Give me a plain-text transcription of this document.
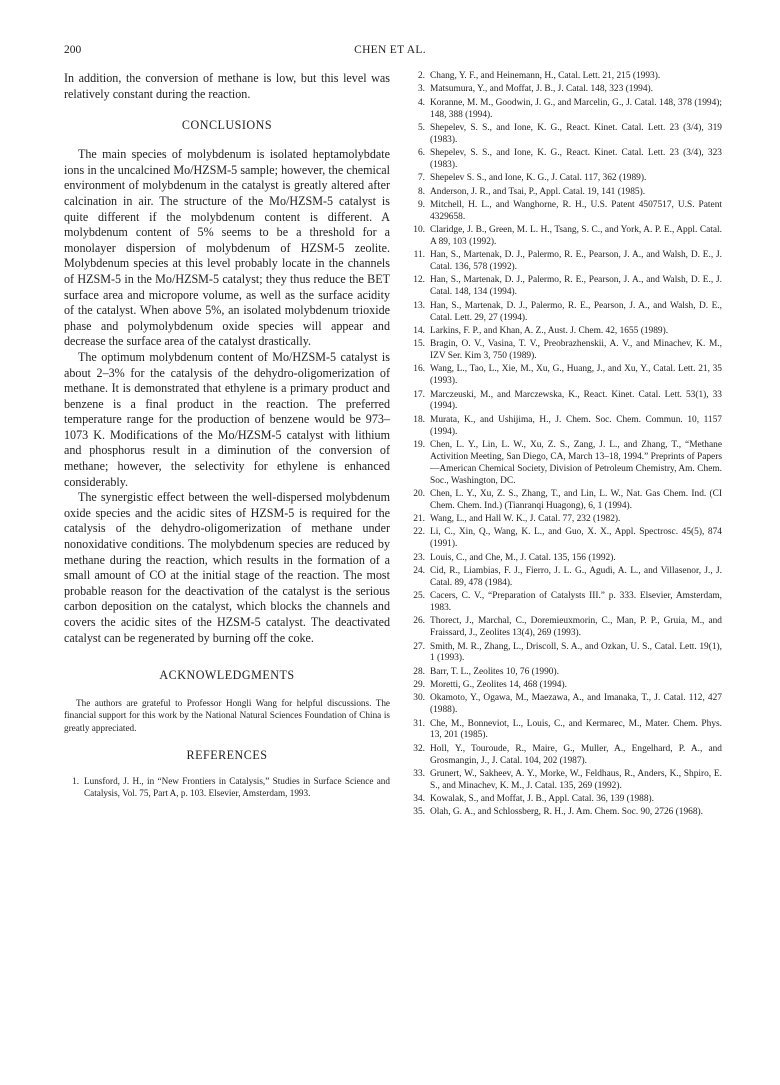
200	CHEN ET AL.

In addition, the conversion of methane is low, but this level was relatively constant during the reaction.

CONCLUSIONS

The main species of molybdenum is isolated heptamolybdate ions in the uncalcined Mo/HZSM-5 sample; however, the chemical environment of molybdenum in the catalyst is greatly altered after calcination in air. The structure of the Mo/HZSM-5 catalyst is quite different if the molybdenum content is different. A molybdenum content of 5% seems to be a threshold for a monolayer dispersion of molybdenum of HZSM-5 zeolite. Molybdenum species at this level probably locate in the channels of HZSM-5 in the Mo/HZSM-5 catalyst; they thus reduce the BET surface area and micropore volume, as well as the surface acidity of the catalyst. When above 5%, an isolated molybdenum trioxide phase and polymolybdenum oxide species will appear and decrease the surface area of the catalyst drastically.

The optimum molybdenum content of Mo/HZSM-5 catalyst is about 2–3% for the catalysis of the dehydro-oligomerization of methane. It is demonstrated that ethylene is a primary product and benzene is a final product in the reaction. The preferred temperature range for the production of benzene would be 973–1073 K. Modifications of the Mo/HZSM-5 catalyst with lithium and phosphorus result in a diminution of the conversion of methane; however, the selectivity for ethylene is enhanced considerably.

The synergistic effect between the well-dispersed molybdenum oxide species and the acidic sites of HZSM-5 is required for the catalysis of the dehydro-oligomerization of methane under nonoxidative conditions. The molybdenum species are reduced by methane during the reaction, which results in the formation of a small amount of CO at the initial stage of the reaction. The most probable reason for the deactivation of the catalyst is the serious carbon deposition on the catalyst, which blocks the channels and covers the acidic sites of the HZSM-5 catalyst. The deactivated catalyst can be regenerated by burning off the coke.

ACKNOWLEDGMENTS

The authors are grateful to Professor Hongli Wang for helpful discussions. The financial support for this work by the National Natural Sciences Foundation of China is greatly appreciated.

REFERENCES
1. Lunsford, J. H., in “New Frontiers in Catalysis,” Studies in Surface Science and Catalysis, Vol. 75, Part A, p. 103. Elsevier, Amsterdam, 1993.
2. Chang, Y. F., and Heinemann, H., Catal. Lett. 21, 215 (1993).
3. Matsumura, Y., and Moffat, J. B., J. Catal. 148, 323 (1994).
4. Koranne, M. M., Goodwin, J. G., and Marcelin, G., J. Catal. 148, 378 (1994); 148, 388 (1994).
5. Shepelev, S. S., and Ione, K. G., React. Kinet. Catal. Lett. 23 (3/4), 319 (1983).
6. Shepelev, S. S., and Ione, K. G., React. Kinet. Catal. Lett. 23 (3/4), 323 (1983).
7. Shepelev S. S., and Ione, K. G., J. Catal. 117, 362 (1989).
8. Anderson, J. R., and Tsai, P., Appl. Catal. 19, 141 (1985).
9. Mitchell, H. L., and Wanghorne, R. H., U.S. Patent 4507517, U.S. Patent 4329658.
10. Claridge, J. B., Green, M. L. H., Tsang, S. C., and York, A. P. E., Appl. Catal. A 89, 103 (1992).
11. Han, S., Martenak, D. J., Palermo, R. E., Pearson, J. A., and Walsh, D. E., J. Catal. 136, 578 (1992).
12. Han, S., Martenak, D. J., Palermo, R. E., Pearson, J. A., and Walsh, D. E., J. Catal. 148, 134 (1994).
13. Han, S., Martenak, D. J., Palermo, R. E., Pearson, J. A., and Walsh, D. E., Catal. Lett. 29, 27 (1994).
14. Larkins, F. P., and Khan, A. Z., Aust. J. Chem. 42, 1655 (1989).
15. Bragin, O. V., Vasina, T. V., Preobrazhenskii, A. V., and Minachev, K. M., IZV Ser. Kim 3, 750 (1989).
16. Wang, L., Tao, L., Xie, M., Xu, G., Huang, J., and Xu, Y., Catal. Lett. 21, 35 (1993).
17. Marczeuski, M., and Marczewska, K., React. Kinet. Catal. Lett. 53(1), 33 (1994).
18. Murata, K., and Ushijima, H., J. Chem. Soc. Chem. Commun. 10, 1157 (1994).
19. Chen, L. Y., Lin, L. W., Xu, Z. S., Zang, J. L., and Zhang, T., “Methane Activition Meeting, San Diego, CA, March 13–18, 1994.” Preprints of Papers—American Chemical Society, Division of Petroleum Chemistry, Am. Chem. Soc., Washington, DC.
20. Chen, L. Y., Xu, Z. S., Zhang, T., and Lin, L. W., Nat. Gas Chem. Ind. (CI Chem. Chem. Ind.) (Tianranqi Huagong), 6, 1 (1994).
21. Wang, L., and Hall W. K., J. Catal. 77, 232 (1982).
22. Li, C., Xin, Q., Wang, K. L., and Guo, X. X., Appl. Spectrosc. 45(5), 874 (1991).
23. Louis, C., and Che, M., J. Catal. 135, 156 (1992).
24. Cid, R., Liambias, F. J., Fierro, J. L. G., Agudi, A. L., and Villasenor, J., J. Catal. 89, 478 (1984).
25. Cacers, C. V., “Preparation of Catalysts III.” p. 333. Elsevier, Amsterdam, 1983.
26. Thorect, J., Marchal, C., Doremieuxmorin, C., Man, P. P., Gruia, M., and Fraissard, J., Zeolites 13(4), 269 (1993).
27. Smith, M. R., Zhang, L., Driscoll, S. A., and Ozkan, U. S., Catal. Lett. 19(1), 1 (1993).
28. Barr, T. L., Zeolites 10, 76 (1990).
29. Moretti, G., Zeolites 14, 468 (1994).
30. Okamoto, Y., Ogawa, M., Maezawa, A., and Imanaka, T., J. Catal. 112, 427 (1988).
31. Che, M., Bonneviot, L., Louis, C., and Kermarec, M., Mater. Chem. Phys. 13, 201 (1985).
32. Holl, Y., Touroude, R., Maire, G., Muller, A., Engelhard, P. A., and Grosmangin, J., J. Catal. 104, 202 (1987).
33. Grunert, W., Sakheev, A. Y., Morke, W., Feldhaus, R., Anders, K., Shpiro, E. S., and Minachev, K. M., J. Catal. 135, 269 (1992).
34. Kowalak, S., and Moffat, J. B., Appl. Catal. 36, 139 (1988).
35. Olah, G. A., and Schlossberg, R. H., J. Am. Chem. Soc. 90, 2726 (1968).
